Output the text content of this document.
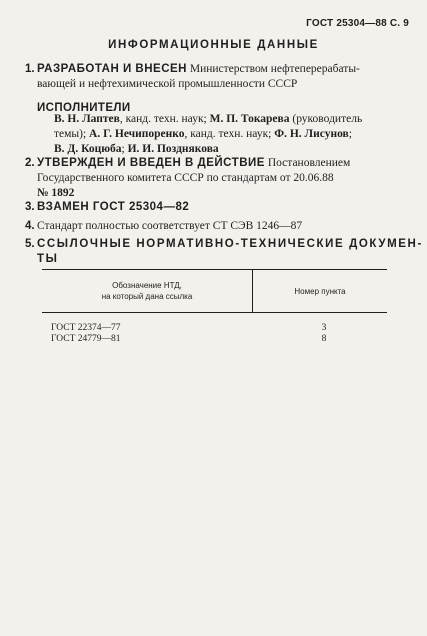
ГОСТ 25304—88 С. 9
ИНФОРМАЦИОННЫЕ ДАННЫЕ
1. РАЗРАБОТАН И ВНЕСЕН Министерством нефтеперерабаты-
вающей и нефтехимической промышленности СССР
ИСПОЛНИТЕЛИ
В. Н. Лаптев, канд. техн. наук; М. П. Токарева (руководитель
темы); А. Г. Нечипоренко, канд. техн. наук; Ф. Н. Лисунов;
В. Д. Коцюба; И. И. Позднякова
2. УТВЕРЖДЕН И ВВЕДЕН В ДЕЙСТВИЕ Постановлением
Государственного комитета СССР по стандартам от 20.06.88
№ 1892
3. ВЗАМЕН ГОСТ 25304—82
4. Стандарт полностью соответствует СТ СЭВ 1246—87
5. ССЫЛОЧНЫЕ НОРМАТИВНО-ТЕХНИЧЕСКИЕ ДОКУМЕН-
ТЫ
Обозначение НТД,
на который дана ссылка
Номер пункта
ГОСТ 22374—77	3
ГОСТ 24779—81	8
